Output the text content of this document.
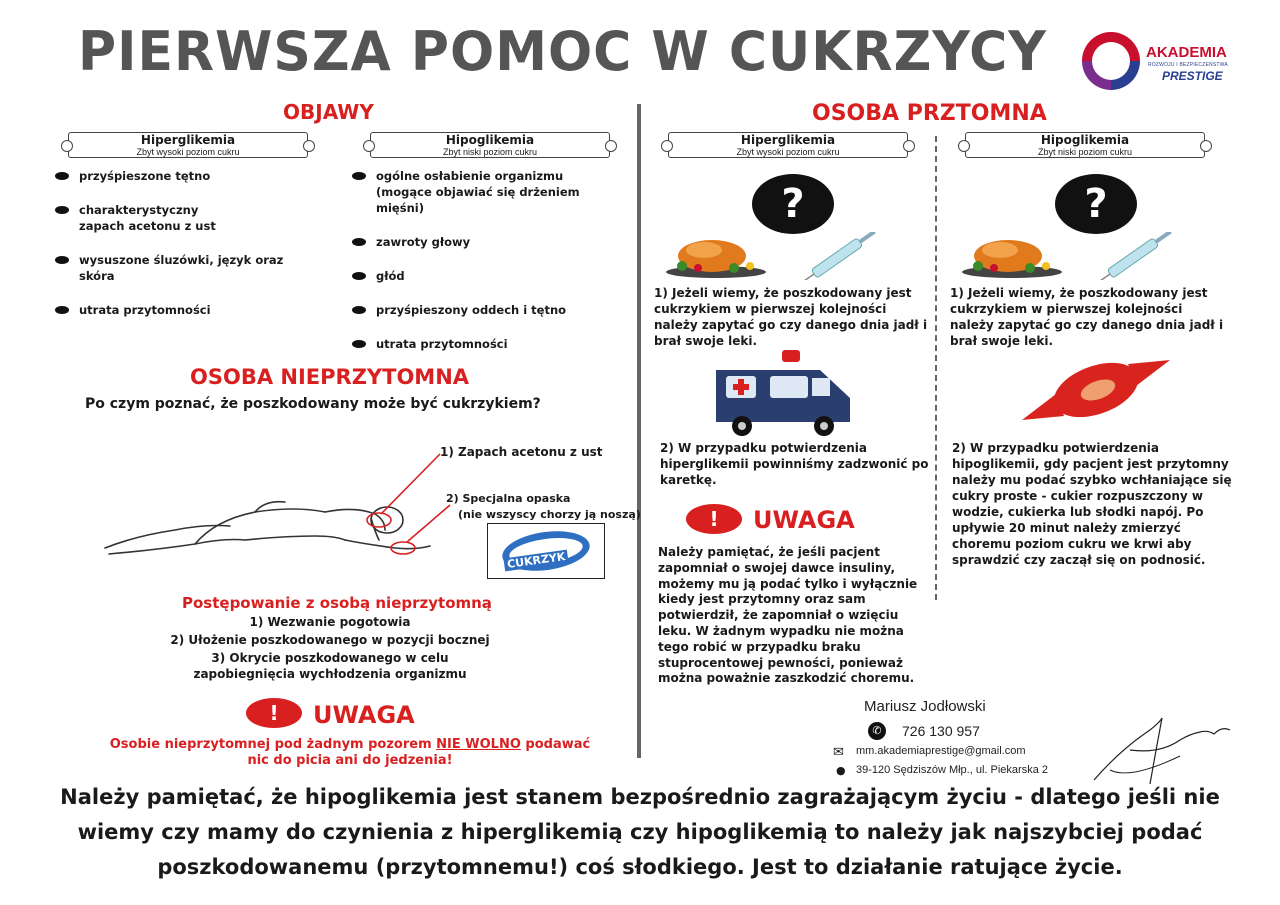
PIERWSZA POMOC W CUKRZYCY	AKADEMIA
ROZWOJU I BEZPIECZEŃSTWA
PRESTIGE
OBJAWY
Hiperglikemia
Zbyt wysoki poziom cukru
Hipoglikemia
Zbyt niski poziom cukru
przyśpieszone tętno
charakterystyczny zapach acetonu z ust
wysuszone śluzówki, język oraz skóra
utrata przytomności
ogólne osłabienie organizmu (mogące objawiać się drżeniem mięśni)
zawroty głowy
głód
przyśpieszony oddech i tętno
utrata przytomności
OSOBA NIEPRZYTOMNA
Po czym poznać, że poszkodowany może być cukrzykiem?
1) Zapach acetonu z ust
2) Specjalna opaska
(nie wszyscy chorzy ją noszą)
CUKRZYK
Postępowanie z osobą nieprzytomną
1) Wezwanie pogotowia
2) Ułożenie poszkodowanego w pozycji bocznej
3) Okrycie poszkodowanego w celu zapobiegnięcia wychłodzenia organizmu
!	UWAGA
Osobie nieprzytomnej pod żadnym pozorem NIE WOLNO podawać nic do picia ani do jedzenia!
OSOBA PRZTOMNA
Hiperglikemia
Zbyt wysoki poziom cukru
Hipoglikemia
Zbyt niski poziom cukru
?	?
1) Jeżeli wiemy, że poszkodowany jest cukrzykiem w pierwszej kolejności należy zapytać go czy danego dnia jadł i brał swoje leki.
1) Jeżeli wiemy, że poszkodowany jest cukrzykiem w pierwszej kolejności należy zapytać go czy danego dnia jadł i brał swoje leki.
2) W przypadku potwierdzenia hiperglikemii powinniśmy zadzwonić po karetkę.
2) W przypadku potwierdzenia hipoglikemii, gdy pacjent jest przytomny należy mu podać szybko wchłaniające się cukry proste - cukier rozpuszczony w wodzie, cukierka lub słodki napój. Po upływie 20 minut należy zmierzyć choremu poziom cukru we krwi aby sprawdzić czy zaczął się on podnosić.
!	UWAGA
Należy pamiętać, że jeśli pacjent zapomniał o swojej dawce insuliny, możemy mu ją podać tylko i wyłącznie kiedy jest przytomny oraz sam potwierdził, że zapomniał o wzięciu leku. W żadnym wypadku nie można tego robić w przypadku braku stuprocentowej pewności, ponieważ można poważnie zaszkodzić choremu.
Mariusz Jodłowski
✆	726 130 957
✉ mm.akademiaprestige@gmail.com
● 39-120 Sędziszów Młp., ul. Piekarska 2
Należy pamiętać, że hipoglikemia jest stanem bezpośrednio zagrażającym życiu - dlatego jeśli nie wiemy czy mamy do czynienia z hiperglikemią czy hipoglikemią to należy jak najszybciej podać poszkodowanemu (przytomnemu!) coś słodkiego. Jest to działanie ratujące życie.
